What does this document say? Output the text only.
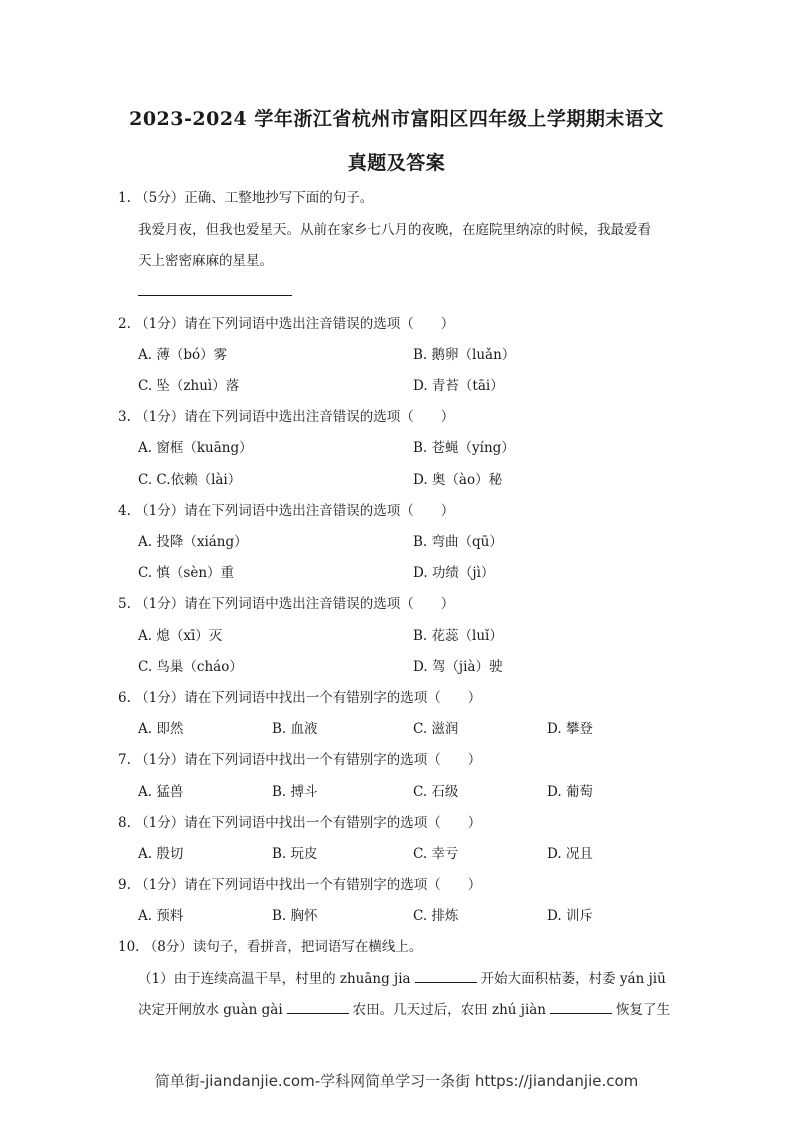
2023-2024 学年浙江省杭州市富阳区四年级上学期期末语文
真题及答案
1. （5分）正确、工整地抄写下面的句子。
我爱月夜，但我也爱星天。从前在家乡七八月的夜晚，在庭院里纳凉的时候，我最爱看
天上密密麻麻的星星。
2. （1分）请在下列词语中选出注音错误的选项（　　）
A. 薄（bó）雾	B. 鹅卵（luǎn）
C. 坠（zhuì）落	D. 青苔（tāi）
3. （1分）请在下列词语中选出注音错误的选项（　　）
A. 窗框（kuāng）	B. 苍蝇（yíng）
C. C.依赖（lài）	D. 奥（ào）秘
4. （1分）请在下列词语中选出注音错误的选项（　　）
A. 投降（xiáng）	B. 弯曲（qū）
C. 慎（sèn）重	D. 功绩（jì）
5. （1分）请在下列词语中选出注音错误的选项（　　）
A. 熄（xī）灭	B. 花蕊（luǐ）
C. 鸟巢（cháo）	D. 驾（jià）驶
6. （1分）请在下列词语中找出一个有错别字的选项（　　）
A. 即然	B. 血液	C. 滋润	D. 攀登
7. （1分）请在下列词语中找出一个有错别字的选项（　　）
A. 猛兽	B. 搏斗	C. 石级	D. 葡萄
8. （1分）请在下列词语中找出一个有错别字的选项（　　）
A. 殷切	B. 玩皮	C. 幸亏	D. 况且
9. （1分）请在下列词语中找出一个有错别字的选项（　　）
A. 预料	B. 胸怀	C. 排炼	D. 训斥
10. （8分）读句子，看拼音，把词语写在横线上。
（1）由于连续高温干旱，村里的 zhuāng jia	开始大面积枯萎，村委 yán jiū
决定开闸放水 guàn gài	农田。几天过后，农田 zhú jiàn	恢复了生
简单街-jiandanjie.com-学科网简单学习一条街 https://jiandanjie.com
